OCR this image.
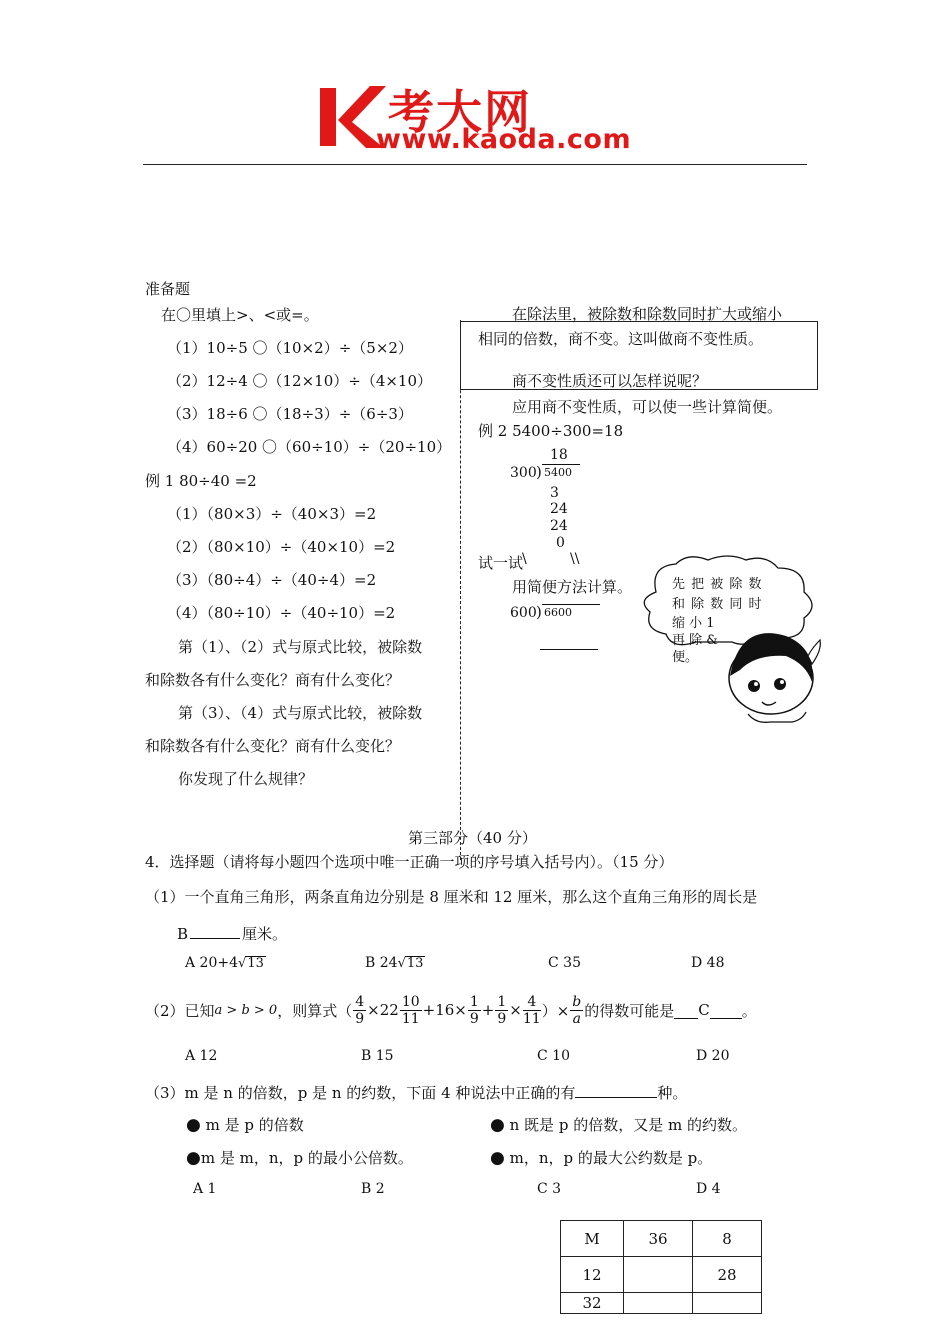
考大网
www.kaoda.com
准备题
在〇里填上>、<或=。
（1）10÷5 〇（10×2）÷（5×2）
（2）12÷4 〇（12×10）÷（4×10）
（3）18÷6 〇（18÷3）÷（6÷3）
（4）60÷20 〇（60÷10）÷（20÷10）
例 1 80÷40 =2
（1）（80×3）÷（40×3）=2
（2）（80×10）÷（40×10）=2
（3）（80÷4）÷（40÷4）=2
（4）（80÷10）÷（40÷10）=2
第（1）、（2）式与原式比较，被除数
和除数各有什么变化？商有什么变化？
第（3）、（4）式与原式比较，被除数
和除数各有什么变化？商有什么变化？
你发现了什么规律？
在除法里，被除数和除数同时扩大或缩小
相同的倍数，商不变。这叫做商不变性质。
商不变性质还可以怎样说呢？
应用商不变性质，可以使一些计算简便。
例 2 5400÷300=18
18
300 ) 5400
3
24
24
0
试一试
\	\\
用简便方法计算。
600 ) 6600
先 把 被 除 数
和 除 数 同 时
缩 小 1
再 除 &
便。
第三部分（40 分）
4．选择题（请将每小题四个选项中唯一正确一项的序号填入括号内）。（15 分）
（1）一个直角三角形，两条直角边分别是 8 厘米和 12 厘米，那么这个直角三角形的周长是
B	厘米。
A 20+4√13	B 24√13	C 35	D 48
（2）已知 a > b > 0 ，则算式（ $\frac{4}{9} \times 22 \frac{10}{11} +16\times \frac{1}{9} + \frac{1}{9} \times \frac{4}{11}$ ）× $\frac{b}{a}$ 的得数可能是 C 。
A 12	B 15	C 10	D 20
（3）m 是 n 的倍数，p 是 n 的约数，下面 4 种说法中正确的有	种。
● m 是 p 的倍数	● n 既是 p 的倍数，又是 m 的约数。
●m 是 m，n，p 的最小公倍数。	● m，n，p 的最大公约数是 p。
A 1	B 2	C 3	D 4
M	36	8
12		28
32		
